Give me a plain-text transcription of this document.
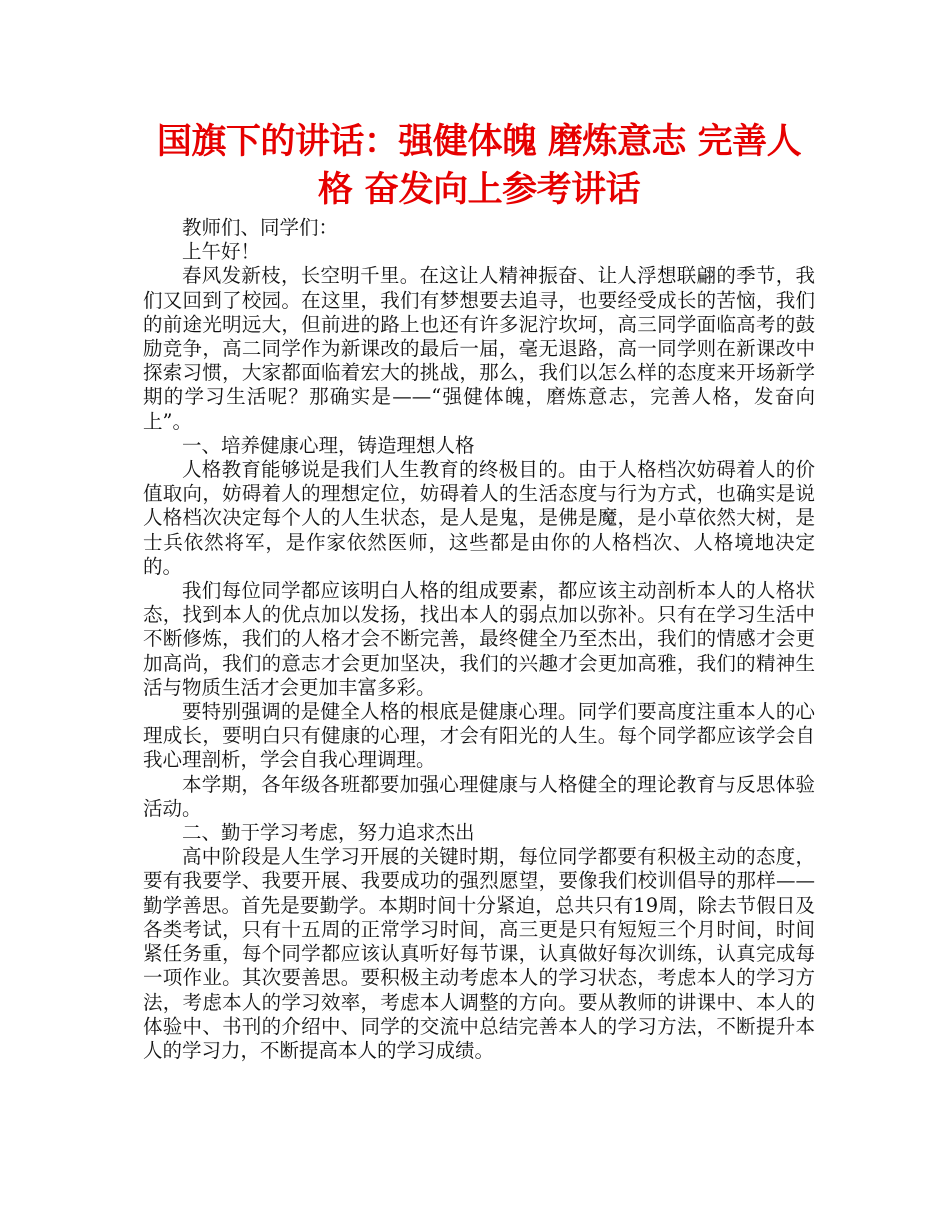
国旗下的讲话：强健体魄 磨炼意志 完善人格 奋发向上参考讲话

教师们、同学们：

上午好！

春风发新枝，长空明千里。在这让人精神振奋、让人浮想联翩的季节，我们又回到了校园。在这里，我们有梦想要去追寻，也要经受成长的苦恼，我们的前途光明远大，但前进的路上也还有许多泥泞坎坷，高三同学面临高考的鼓励竞争，高二同学作为新课改的最后一届，毫无退路，高一同学则在新课改中探索习惯，大家都面临着宏大的挑战，那么，我们以怎么样的态度来开场新学期的学习生活呢？那确实是——“强健体魄，磨炼意志，完善人格，发奋向上”。

一、培养健康心理，铸造理想人格

人格教育能够说是我们人生教育的终极目的。由于人格档次妨碍着人的价值取向，妨碍着人的理想定位，妨碍着人的生活态度与行为方式，也确实是说人格档次决定每个人的人生状态，是人是鬼，是佛是魔，是小草依然大树，是士兵依然将军，是作家依然医师，这些都是由你的人格档次、人格境地决定的。

我们每位同学都应该明白人格的组成要素，都应该主动剖析本人的人格状态，找到本人的优点加以发扬，找出本人的弱点加以弥补。只有在学习生活中不断修炼，我们的人格才会不断完善，最终健全乃至杰出，我们的情感才会更加高尚，我们的意志才会更加坚决，我们的兴趣才会更加高雅，我们的精神生活与物质生活才会更加丰富多彩。

要特别强调的是健全人格的根底是健康心理。同学们要高度注重本人的心理成长，要明白只有健康的心理，才会有阳光的人生。每个同学都应该学会自我心理剖析，学会自我心理调理。

本学期，各年级各班都要加强心理健康与人格健全的理论教育与反思体验活动。

二、勤于学习考虑，努力追求杰出

高中阶段是人生学习开展的关键时期，每位同学都要有积极主动的态度，要有我要学、我要开展、我要成功的强烈愿望，要像我们校训倡导的那样——勤学善思。首先是要勤学。本期时间十分紧迫，总共只有19周，除去节假日及各类考试，只有十五周的正常学习时间，高三更是只有短短三个月时间，时间紧任务重，每个同学都应该认真听好每节课，认真做好每次训练，认真完成每一项作业。其次要善思。要积极主动考虑本人的学习状态，考虑本人的学习方法，考虑本人的学习效率，考虑本人调整的方向。要从教师的讲课中、本人的体验中、书刊的介绍中、同学的交流中总结完善本人的学习方法，不断提升本人的学习力，不断提高本人的学习成绩。
